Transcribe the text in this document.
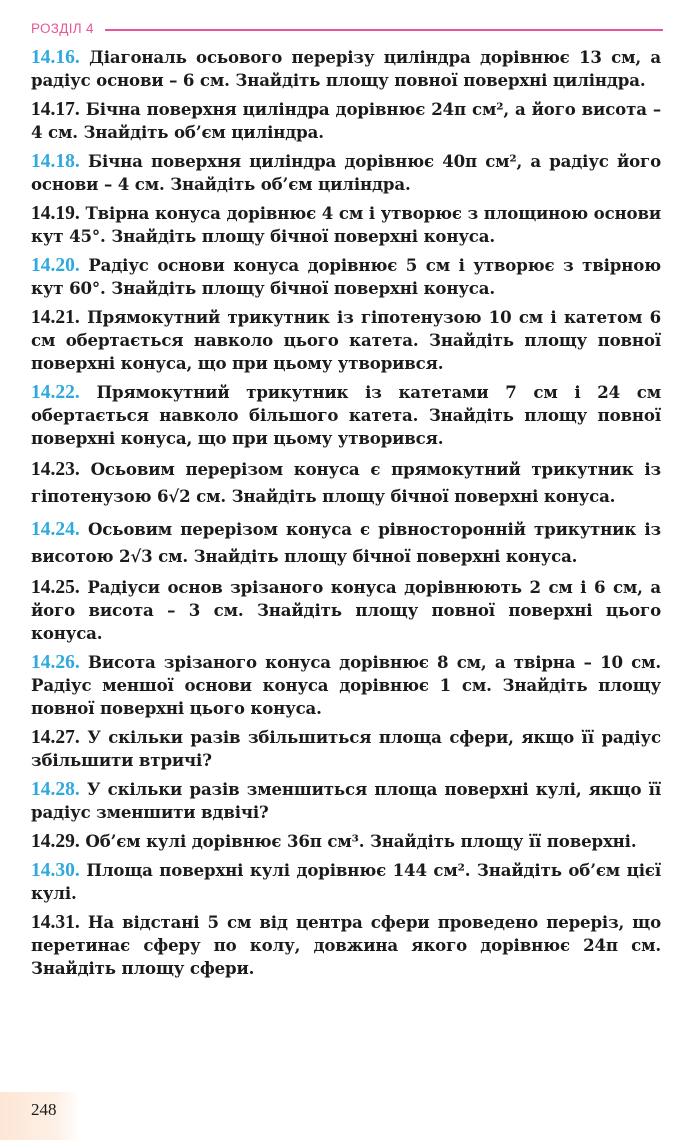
РОЗДІЛ 4
14.16. Діагональ осьового перерізу циліндра дорівнює 13 см, а радіус основи – 6 см. Знайдіть площу повної поверхні циліндра.
14.17. Бічна поверхня циліндра дорівнює 24π см², а його висота – 4 см. Знайдіть об’єм циліндра.
14.18. Бічна поверхня циліндра дорівнює 40π см², а радіус його основи – 4 см. Знайдіть об’єм циліндра.
14.19. Твірна конуса дорівнює 4 см і утворює з площиною основи кут 45°. Знайдіть площу бічної поверхні конуса.
14.20. Радіус основи конуса дорівнює 5 см і утворює з твірною кут 60°. Знайдіть площу бічної поверхні конуса.
14.21. Прямокутний трикутник із гіпотенузою 10 см і катетом 6 см обертається навколо цього катета. Знайдіть площу повної поверхні конуса, що при цьому утворився.
14.22. Прямокутний трикутник із катетами 7 см і 24 см обертається навколо більшого катета. Знайдіть площу повної поверхні конуса, що при цьому утворився.
14.23. Осьовим перерізом конуса є прямокутний трикутник із гіпотенузою 6√2 см. Знайдіть площу бічної поверхні конуса.
14.24. Осьовим перерізом конуса є рівносторонній трикутник із висотою 2√3 см. Знайдіть площу бічної поверхні конуса.
14.25. Радіуси основ зрізаного конуса дорівнюють 2 см і 6 см, а його висота – 3 см. Знайдіть площу повної поверхні цього конуса.
14.26. Висота зрізаного конуса дорівнює 8 см, а твірна – 10 см. Радіус меншої основи конуса дорівнює 1 см. Знайдіть площу повної поверхні цього конуса.
14.27. У скільки разів збільшиться площа сфери, якщо її радіус збільшити втричі?
14.28. У скільки разів зменшиться площа поверхні кулі, якщо її радіус зменшити вдвічі?
14.29. Об’єм кулі дорівнює 36π см³. Знайдіть площу її поверхні.
14.30. Площа поверхні кулі дорівнює 144 см². Знайдіть об’єм цієї кулі.
14.31. На відстані 5 см від центра сфери проведено переріз, що перетинає сферу по колу, довжина якого дорівнює 24π см. Знайдіть площу сфери.
248
